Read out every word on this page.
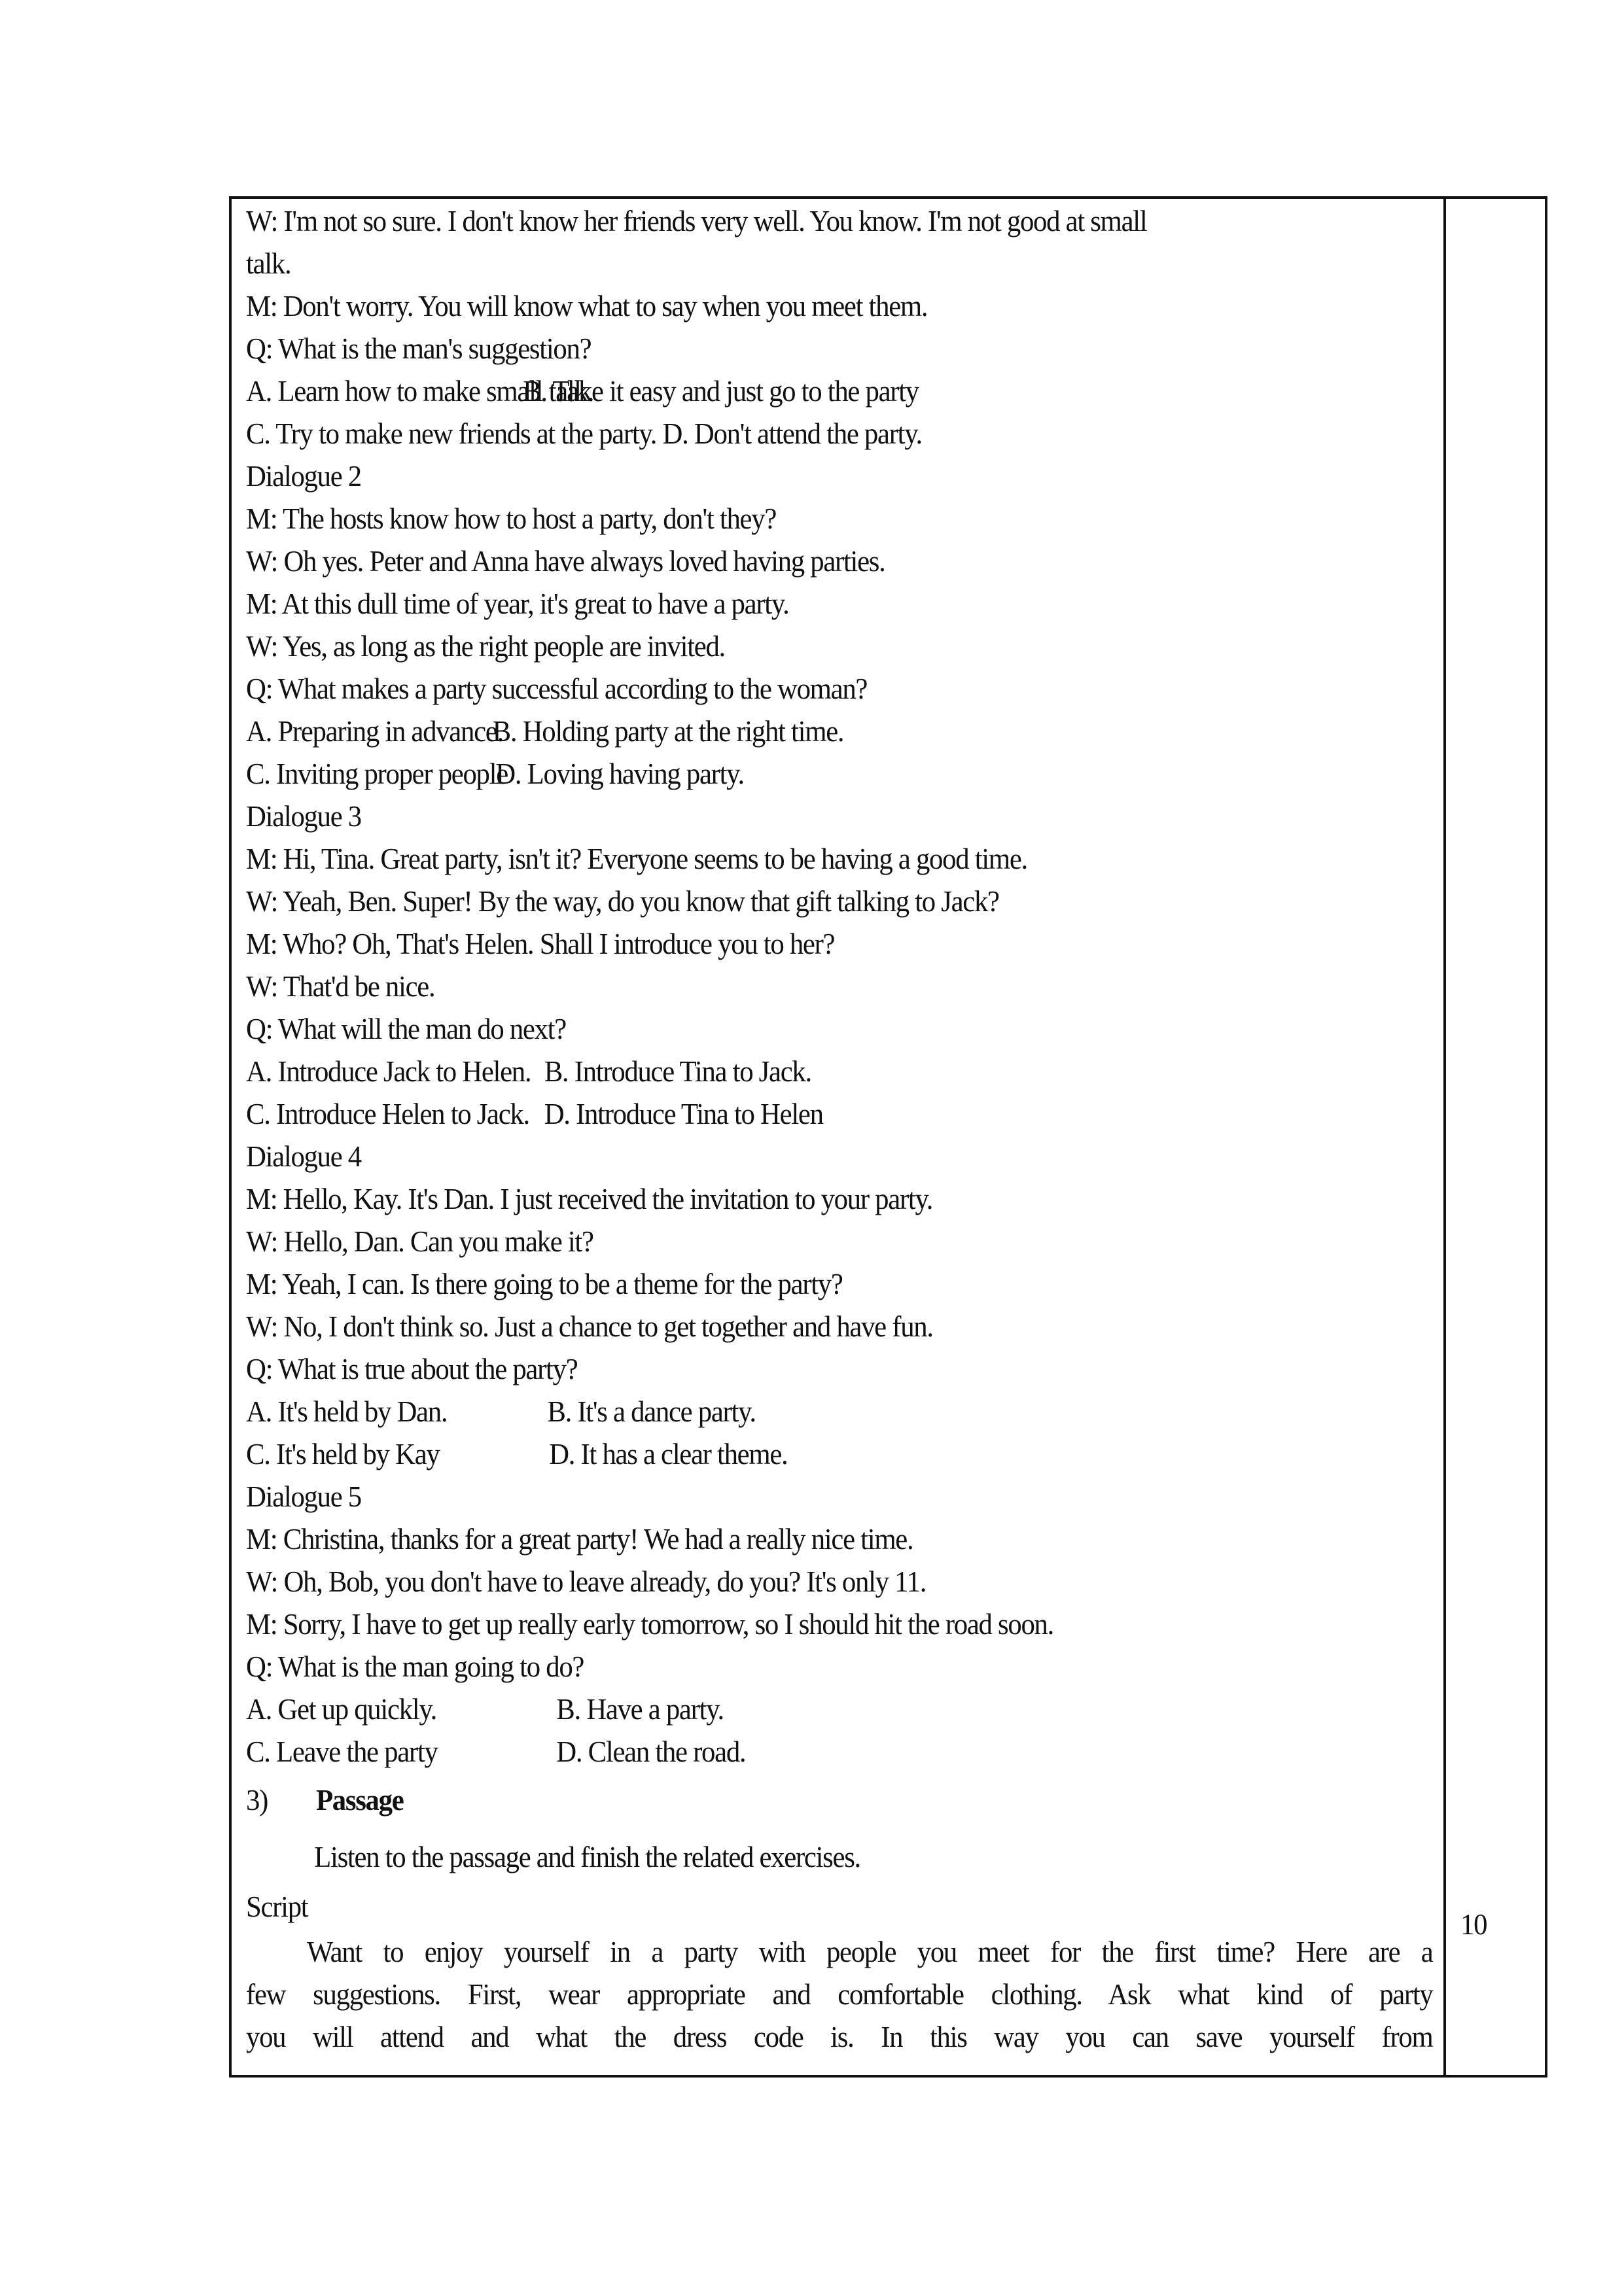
W: I'm not so sure. I don't know her friends very well. You know. I'm not good at small
talk.
M: Don't worry. You will know what to say when you meet them.
Q: What is the man's suggestion?
A. Learn how to make small talk.
B. Take it easy and just go to the party
C. Try to make new friends at the party. D. Don't attend the party.
Dialogue 2
M: The hosts know how to host a party, don't they?
W: Oh yes. Peter and Anna have always loved having parties.
M: At this dull time of year, it's great to have a party.
W: Yes, as long as the right people are invited.
Q: What makes a party successful according to the woman?
A. Preparing in advance.
B. Holding party at the right time.
C. Inviting proper people
D. Loving having party.
Dialogue 3
M: Hi, Tina. Great party, isn't it? Everyone seems to be having a good time.
W: Yeah, Ben. Super! By the way, do you know that gift talking to Jack?
M: Who? Oh, That's Helen. Shall I introduce you to her?
W: That'd be nice.
Q: What will the man do next?
A. Introduce Jack to Helen. B. Introduce Tina to Jack.
C. Introduce Helen to Jack. D. Introduce Tina to Helen
Dialogue 4
M: Hello, Kay. It's Dan. I just received the invitation to your party.
W: Hello, Dan. Can you make it?
M: Yeah, I can. Is there going to be a theme for the party?
W: No, I don't think so. Just a chance to get together and have fun.
Q: What is true about the party?
A. It's held by Dan.	B. It's a dance party.
C. It's held by Kay	D. It has a clear theme.
Dialogue 5
M: Christina, thanks for a great party! We had a really nice time.
W: Oh, Bob, you don't have to leave already, do you? It's only 11.
M: Sorry, I have to get up really early tomorrow, so I should hit the road soon.
Q: What is the man going to do?
A. Get up quickly.	B. Have a party.
C. Leave the party	D. Clean the road.
3) Passage
Listen to the passage and finish the related exercises.
Script
Want to enjoy yourself in a party with people you meet for the first time? Here are a
few suggestions. First, wear appropriate and comfortable clothing. Ask what kind of party
you will attend and what the dress code is. In this way you can save yourself from
10
